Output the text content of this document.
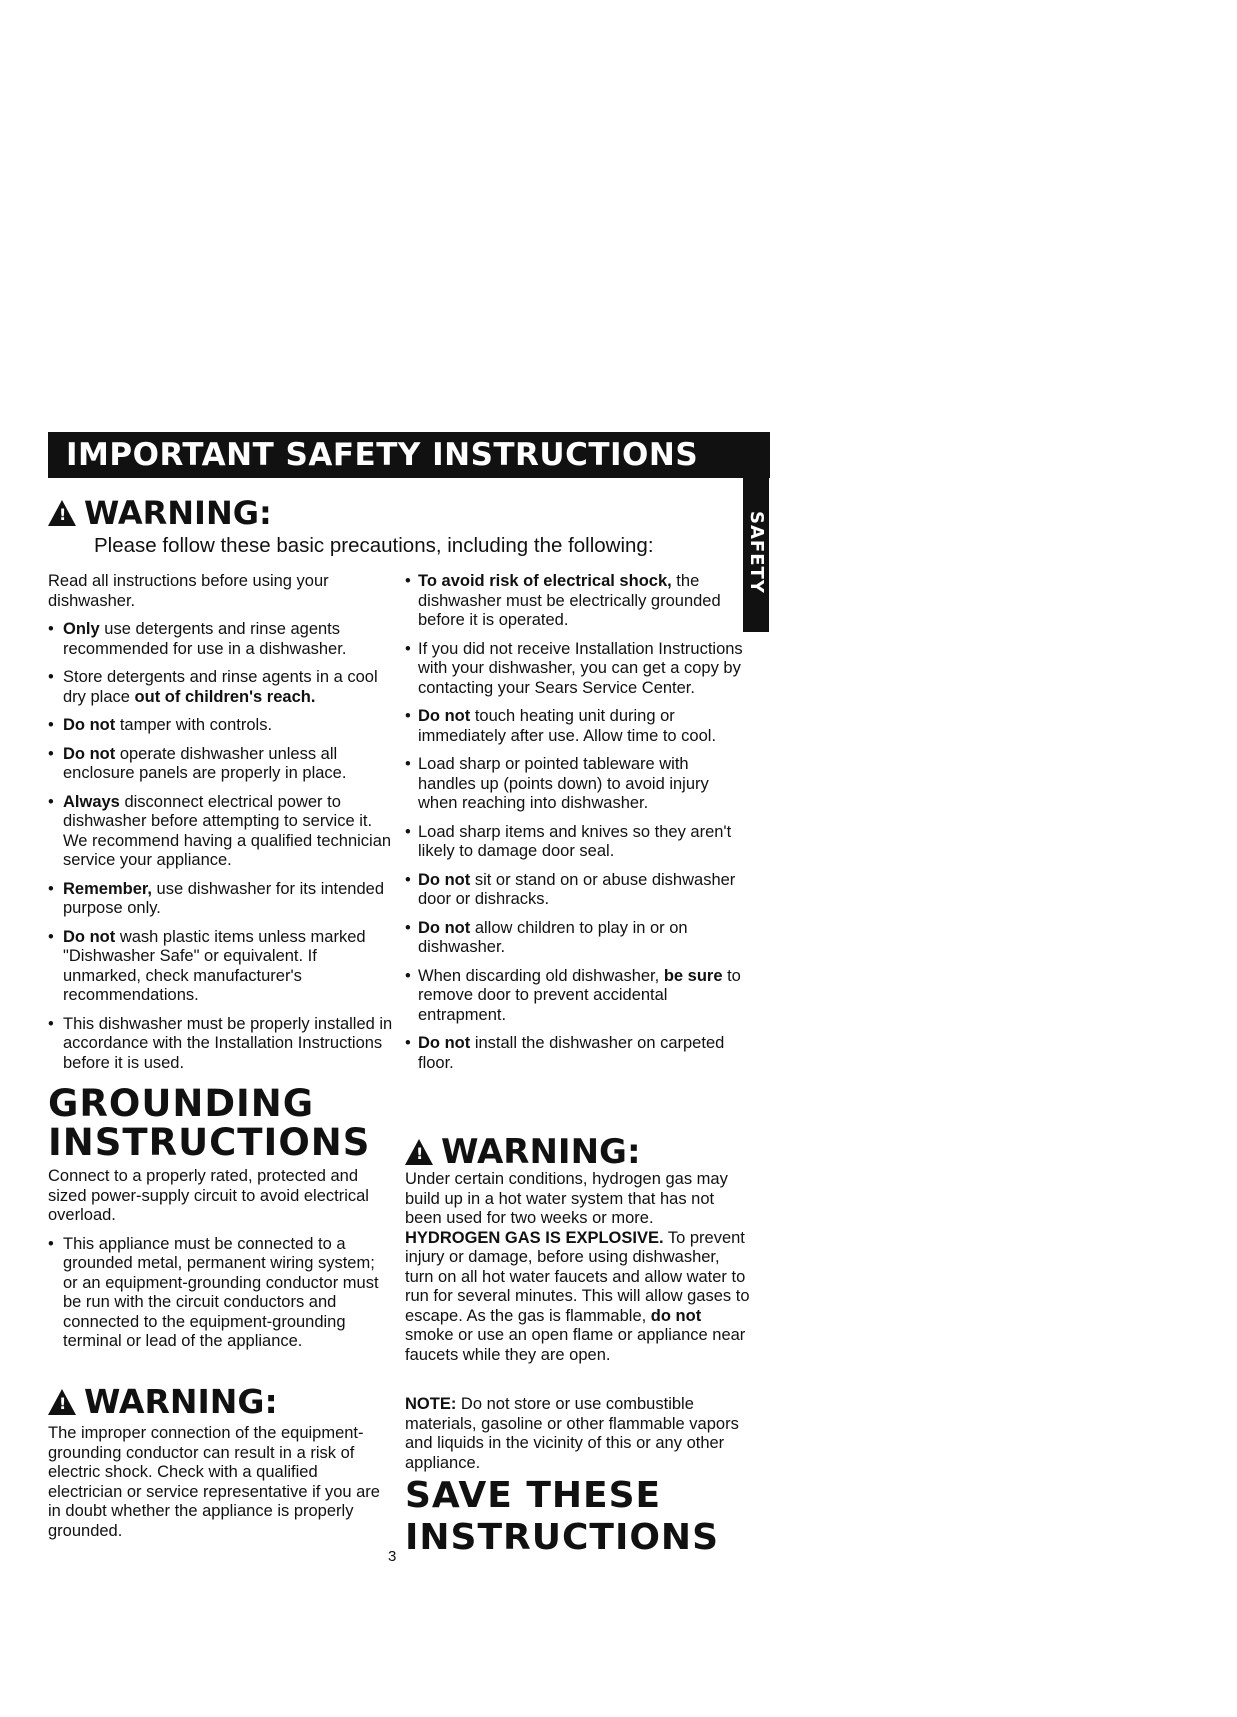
IMPORTANT SAFETY INSTRUCTIONS
SAFETY
!WARNING:
Please follow these basic precautions, including the following:

Read all instructions before using your dishwasher.

• Only use detergents and rinse agents recommended for use in a dishwasher.

• Store detergents and rinse agents in a cool dry place out of children's reach.

• Do not tamper with controls.

• Do not operate dishwasher unless all enclosure panels are properly in place.

• Always disconnect electrical power to dishwasher before attempting to service it. We recommend having a qualified technician service your appliance.

• Remember, use dishwasher for its intended purpose only.

• Do not wash plastic items unless marked "Dishwasher Safe" or equivalent. If unmarked, check manufacturer's recommendations.

• This dishwasher must be properly installed in accordance with the Installation Instructions before it is used.

GROUNDING
INSTRUCTIONS

Connect to a properly rated, protected and sized power-supply circuit to avoid electrical overload.

• This appliance must be connected to a grounded metal, permanent wiring system; or an equipment-grounding conductor must be run with the circuit conductors and connected to the equipment-grounding terminal or lead of the appliance.

!WARNING:
The improper connection of the equipment-grounding conductor can result in a risk of electric shock. Check with a qualified electrician or service representative if you are in doubt whether the appliance is properly grounded.

• To avoid risk of electrical shock, the dishwasher must be electrically grounded before it is operated.

• If you did not receive Installation Instructions with your dishwasher, you can get a copy by contacting your Sears Service Center.

• Do not touch heating unit during or immediately after use. Allow time to cool.

• Load sharp or pointed tableware with handles up (points down) to avoid injury when reaching into dishwasher.

• Load sharp items and knives so they aren't likely to damage door seal.

• Do not sit or stand on or abuse dishwasher door or dishracks.

• Do not allow children to play in or on dishwasher.

• When discarding old dishwasher, be sure to remove door to prevent accidental entrapment.

• Do not install the dishwasher on carpeted floor.

!WARNING:
Under certain conditions, hydrogen gas may build up in a hot water system that has not been used for two weeks or more. HYDROGEN GAS IS EXPLOSIVE. To prevent injury or damage, before using dishwasher, turn on all hot water faucets and allow water to run for several minutes. This will allow gases to escape. As the gas is flammable, do not smoke or use an open flame or appliance near faucets while they are open.
NOTE: Do not store or use combustible materials, gasoline or other flammable vapors and liquids in the vicinity of this or any other appliance.
SAVE THESE
INSTRUCTIONS
3
